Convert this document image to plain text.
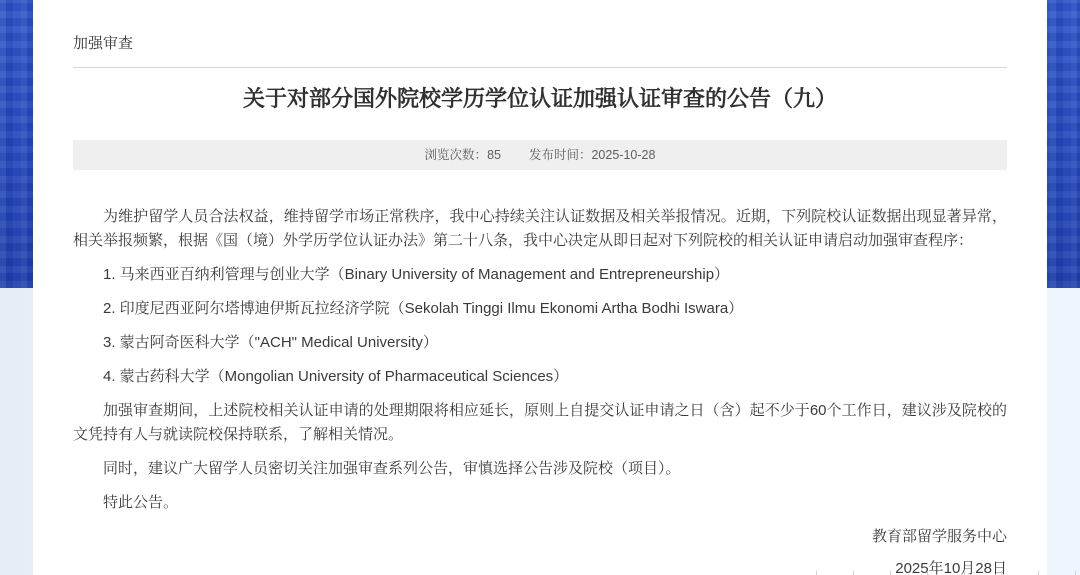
加强审查
关于对部分国外院校学历学位认证加强认证审查的公告（九）
浏览次数：85 发布时间：2025-10-28

为维护留学人员合法权益，维持留学市场正常秩序，我中心持续关注认证数据及相关举报情况。近期，下列院校认证数据出现显著异常，相关举报频繁，根据《国（境）外学历学位认证办法》第二十八条，我中心决定从即日起对下列院校的相关认证申请启动加强审查程序：

1. 马来西亚百纳利管理与创业大学（Binary University of Management and Entrepreneurship）

2. 印度尼西亚阿尔塔博迪伊斯瓦拉经济学院（Sekolah Tinggi Ilmu Ekonomi Artha Bodhi Iswara）

3. 蒙古阿奇医科大学（"ACH" Medical University）

4. 蒙古药科大学（Mongolian University of Pharmaceutical Sciences）

加强审查期间，上述院校相关认证申请的处理期限将相应延长，原则上自提交认证申请之日（含）起不少于60个工作日，建议涉及院校的文凭持有人与就读院校保持联系，了解相关情况。

同时，建议广大留学人员密切关注加强审查系列公告，审慎选择公告涉及院校（项目）。

特此公告。

教育部留学服务中心
2025年10月28日
